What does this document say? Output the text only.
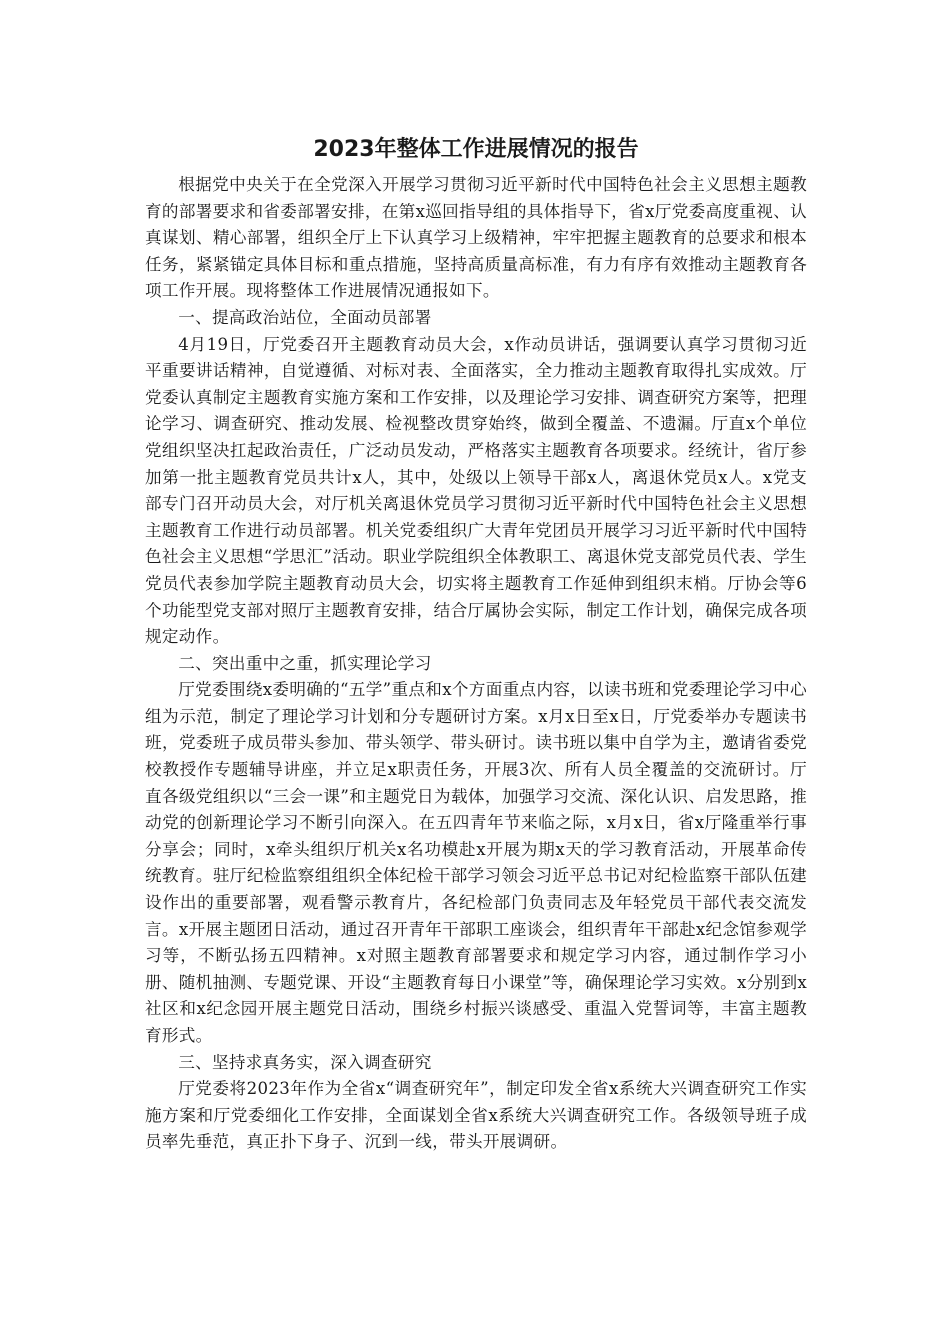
2023年整体工作进展情况的报告

根据党中央关于在全党深入开展学习贯彻习近平新时代中国特色社会主义思想主题教育的部署要求和省委部署安排，在第x巡回指导组的具体指导下，省x厅党委高度重视、认真谋划、精心部署，组织全厅上下认真学习上级精神，牢牢把握主题教育的总要求和根本任务，紧紧锚定具体目标和重点措施，坚持高质量高标准，有力有序有效推动主题教育各项工作开展。现将整体工作进展情况通报如下。

一、提高政治站位，全面动员部署

4月19日，厅党委召开主题教育动员大会，x作动员讲话，强调要认真学习贯彻习近平重要讲话精神，自觉遵循、对标对表、全面落实，全力推动主题教育取得扎实成效。厅党委认真制定主题教育实施方案和工作安排，以及理论学习安排、调查研究方案等，把理论学习、调查研究、推动发展、检视整改贯穿始终，做到全覆盖、不遗漏。厅直x个单位党组织坚决扛起政治责任，广泛动员发动，严格落实主题教育各项要求。经统计，省厅参加第一批主题教育党员共计x人，其中，处级以上领导干部x人，离退休党员x人。x党支部专门召开动员大会，对厅机关离退休党员学习贯彻习近平新时代中国特色社会主义思想主题教育工作进行动员部署。机关党委组织广大青年党团员开展学习习近平新时代中国特色社会主义思想“学思汇”活动。职业学院组织全体教职工、离退休党支部党员代表、学生党员代表参加学院主题教育动员大会，切实将主题教育工作延伸到组织末梢。厅协会等6个功能型党支部对照厅主题教育安排，结合厅属协会实际，制定工作计划，确保完成各项规定动作。

二、突出重中之重，抓实理论学习

厅党委围绕x委明确的“五学”重点和x个方面重点内容，以读书班和党委理论学习中心组为示范，制定了理论学习计划和分专题研讨方案。x月x日至x日，厅党委举办专题读书班，党委班子成员带头参加、带头领学、带头研讨。读书班以集中自学为主，邀请省委党校教授作专题辅导讲座，并立足x职责任务，开展3次、所有人员全覆盖的交流研讨。厅直各级党组织以“三会一课”和主题党日为载体，加强学习交流、深化认识、启发思路，推动党的创新理论学习不断引向深入。在五四青年节来临之际，x月x日，省x厅隆重举行事分享会；同时，x牵头组织厅机关x名功模赴x开展为期x天的学习教育活动，开展革命传统教育。驻厅纪检监察组组织全体纪检干部学习领会习近平总书记对纪检监察干部队伍建设作出的重要部署，观看警示教育片，各纪检部门负责同志及年轻党员干部代表交流发言。x开展主题团日活动，通过召开青年干部职工座谈会，组织青年干部赴x纪念馆参观学习等，不断弘扬五四精神。x对照主题教育部署要求和规定学习内容，通过制作学习小册、随机抽测、专题党课、开设“主题教育每日小课堂”等，确保理论学习实效。x分别到x社区和x纪念园开展主题党日活动，围绕乡村振兴谈感受、重温入党誓词等，丰富主题教育形式。

三、坚持求真务实，深入调查研究

厅党委将2023年作为全省x“调查研究年”，制定印发全省x系统大兴调查研究工作实施方案和厅党委细化工作安排，全面谋划全省x系统大兴调查研究工作。各级领导班子成员率先垂范，真正扑下身子、沉到一线，带头开展调研。
